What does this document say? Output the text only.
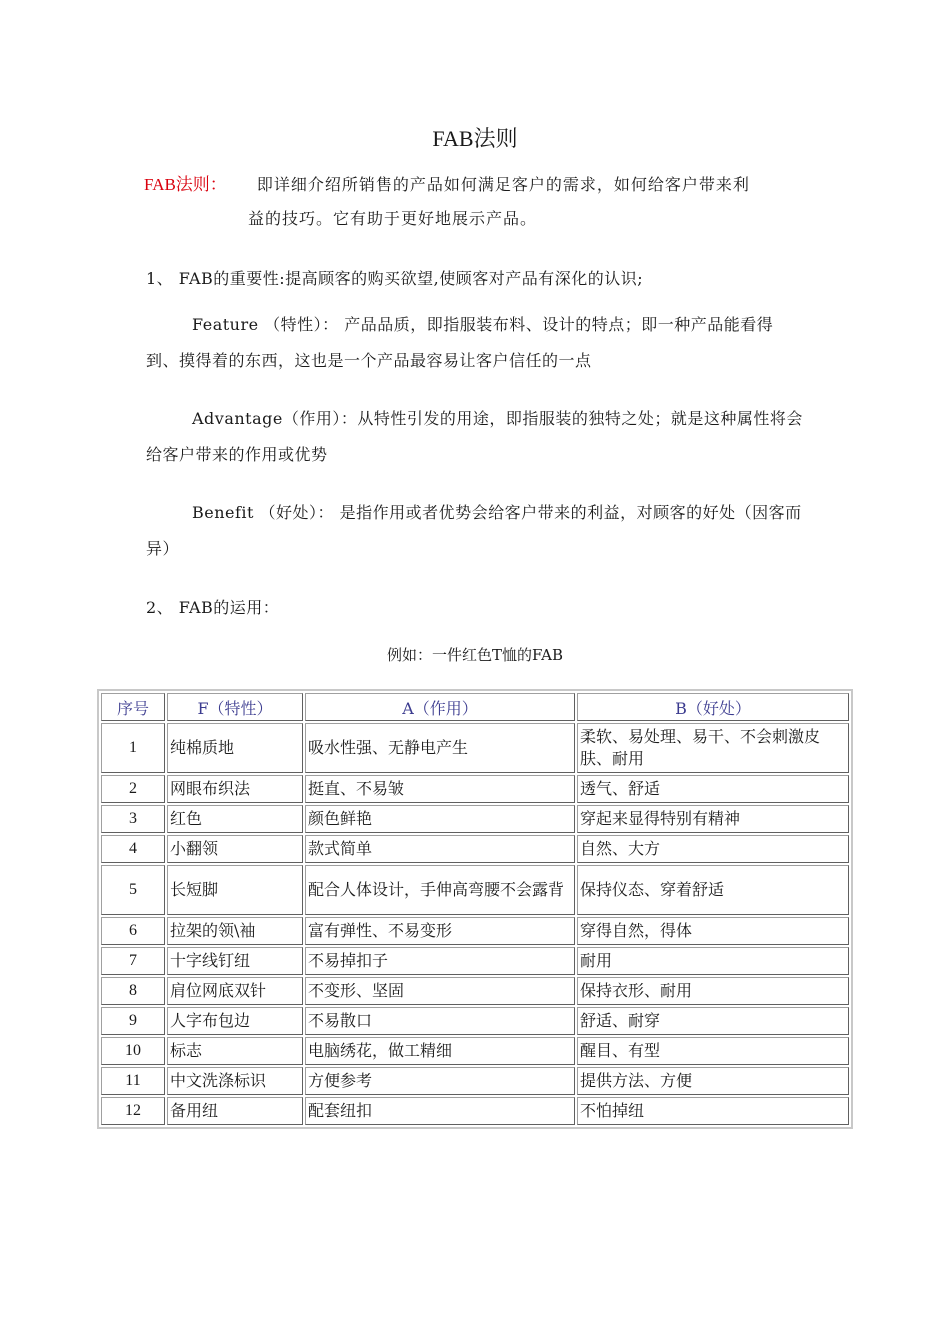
FAB法则
FAB法则： 即详细介绍所销售的产品如何满足客户的需求，如何给客户带来利
益的技巧。它有助于更好地展示产品。
1、 FAB的重要性:提高顾客的购买欲望,使顾客对产品有深化的认识;
Feature （特性）： 产品品质，即指服装布料、设计的特点；即一种产品能看得到、摸得着的东西，这也是一个产品最容易让客户信任的一点
Advantage（作用）：从特性引发的用途，即指服装的独特之处；就是这种属性将会给客户带来的作用或优势
Benefit （好处）： 是指作用或者优势会给客户带来的利益，对顾客的好处（因客而异）
2、 FAB的运用：
例如：一件红色T恤的FAB
序号	F（特性）	A（作用）	B（好处）
1	纯棉质地	吸水性强、无静电产生	柔软、易处理、易干、不会刺激皮肤、耐用
2	网眼布织法	挺直、不易皱	透气、舒适
3	红色	颜色鲜艳	穿起来显得特别有精神
4	小翻领	款式简单	自然、大方
5	长短脚	配合人体设计，手伸高弯腰不会露背	保持仪态、穿着舒适
6	拉架的领\袖	富有弹性、不易变形	穿得自然，得体
7	十字线钉纽	不易掉扣子	耐用
8	肩位网底双针	不变形、坚固	保持衣形、耐用
9	人字布包边	不易散口	舒适、耐穿
10	标志	电脑绣花，做工精细	醒目、有型
11	中文洗涤标识	方便参考	提供方法、方便
12	备用纽	配套纽扣	不怕掉纽
